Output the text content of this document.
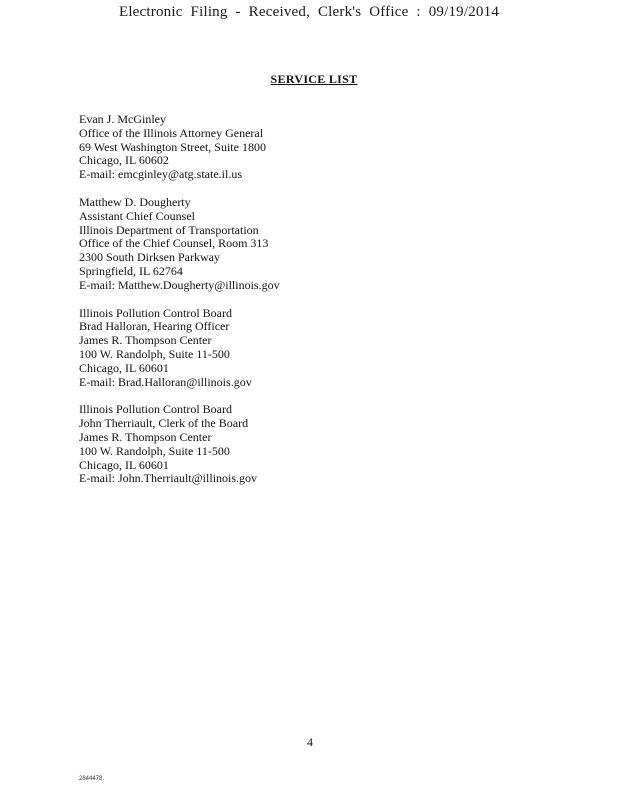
Electronic Filing - Received, Clerk's Office : 09/19/2014
SERVICE LIST
Evan J. McGinley
Office of the Illinois Attorney General
69 West Washington Street, Suite 1800
Chicago, IL 60602
E-mail: emcginley@atg.state.il.us
Matthew D. Dougherty
Assistant Chief Counsel
Illinois Department of Transportation
Office of the Chief Counsel, Room 313
2300 South Dirksen Parkway
Springfield, IL 62764
E-mail: Matthew.Dougherty@illinois.gov
Illinois Pollution Control Board
Brad Halloran, Hearing Officer
James R. Thompson Center
100 W. Randolph, Suite 11-500
Chicago, IL 60601
E-mail: Brad.Halloran@illinois.gov
Illinois Pollution Control Board
John Therriault, Clerk of the Board
James R. Thompson Center
100 W. Randolph, Suite 11-500
Chicago, IL 60601
E-mail: John.Therriault@illinois.gov
4
2844478.
